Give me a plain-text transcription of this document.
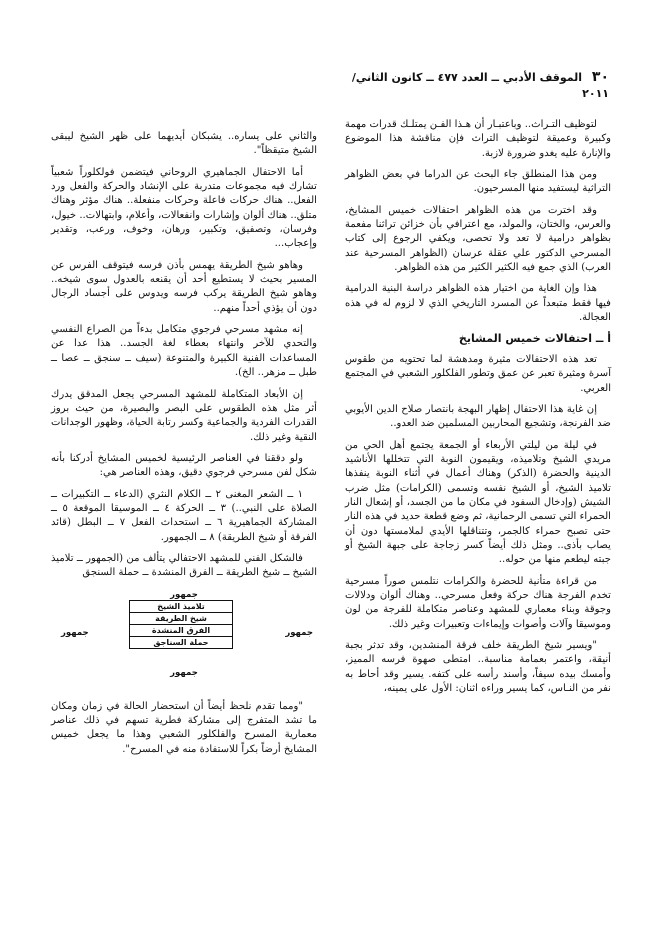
٣٠ الموقف الأدبي ــ العدد ٤٧٧ ــ كانون الثاني/
٢٠١١

لتوظيف التـراث.. وباعتبـار أن هـذا الفـن يمتلـك قدرات مهمة وكبيرة وعميقة لتوظيف التراث فإن مناقشة هذا الموضوع والإنارة عليه يغدو ضرورة لازبة.

ومن هذا المنطلق جاء البحث عن الدراما في بعض الظواهر التراثية ليستفيد منها المسرحيون.

وقد اخترت من هذه الظواهر احتفالات خميس المشايخ، والعرس، والختان، والمولد، مع اعترافي بأن خزائن تراثنا مفعمة بظواهر درامية لا تعد ولا تحصى، ويكفي الرجوع إلى كتاب المسرحي الدكتور علي عقلة عرسان (الظواهر المسرحية عند العرب) الذي جمع فيه الكثير الكثير من هذه الظواهر.

هذا وإن الغاية من اختيار هذه الظواهر دراسة البنية الدرامية فيها فقط متبعداً عن المسرد التاريخي الذي لا لزوم له في هذه العجالة.

أ ــ احتفالات خميس المشايخ

تعد هذه الاحتفالات مثيرة ومدهشة لما تحتويه من طقوس آسرة ومثيرة تعبر عن عمق وتطور الفلكلور الشعبي في المجتمع العربي.

إن غاية هذا الاحتفال إظهار البهجة بانتصار صلاح الدين الأيوبي ضد الفرنجة، وتشجيع المحاربين المسلمين ضد العدو..

في ليلة من ليلتي الأربعاء أو الجمعة يجتمع أهل الحي من مريدي الشيخ وتلاميذه، ويقيمون النوبة التي تتخللها الأناشيد الدينية والحضرة (الذكر) وهناك أعمال في أثناء النوبة ينفذها تلاميذ الشيخ، أو الشيخ نفسه وتسمى (الكرامات) مثل ضرب الشيش (وإدخال السفود في مكان ما من الجسد، أو إشعال النار الحمراء التي تسمى الرحمانية، ثم وضع قطعة حديد في هذه النار حتى تصبح حمراء كالجمر، وتتناقلها الأيدي لملامستها دون أن يصاب بأذى.. ومثل ذلك أيضاً كسر زجاجة على جبهة الشيخ أو جبته ليطعم منها من حوله..

من قراءة متأنية للحضرة والكرامات نتلمس صوراً مسرحية تخدم الفرجة هناك حركة وفعل مسرحي.. وهناك ألوان ودلالات وجوقة وبناء معماري للمشهد وعناصر متكاملة للفرجة من لون وموسيقا وآلات وأصوات وإيماءات وتعبيرات وغير ذلك.

"ويسير شيخ الطريقة خلف فرقة المنشدين، وقد تدثر بجبة أنيقة، واعتمر بعمامة مناسبة.. امتطى صهوة فرسه المميز، وأمسك بيده سيفاً، وأسند رأسه على كتفه. يسير وقد أحاط به نفر من النـاس، كما يسير وراءه اثنان: الأول على يمينه،

والثاني على يساره.. يشبكان أيديهما على ظهر الشيخ ليبقى الشيخ متيقظاً".

أما الاحتفال الجماهيري الروحاني فيتضمن فولكلوراً شعبياً تشارك فيه مجموعات متدربة على الإنشاد والحركة والفعل ورد الفعل.. هناك حركات فاعلة وحركات منفعلة.. هناك مؤثر وهناك متلق.. هناك ألوان وإشارات وانفعالات، وأعلام، وابتهالات.. خيول، وفرسان، وتصفيق، وتكبير، ورهان، وخوف، ورعب، وتقدير وإعجاب...

وهاهو شيخ الطريقة يهمس بأذن فرسه فيتوقف الفرس عن المسير بحيث لا يستطيع أحد أن يقنعه بالعدول سوى شيخه.. وهاهو شيخ الطريقة يركب فرسه ويدوس على أجساد الرجال دون أن يؤذي أحداً منهم..

إنه مشهد مسرحي فرجوي متكامل بدءاً من الصراع النفسي والتحدي للآخر وانتهاء بعطاء لغة الجسد.. هذا عدا عن المساعدات الفنية الكبيرة والمتنوعة (سيف ــ سنجق ــ عصا ــ طبل ــ مزهر.. الخ).

إن الأبعاد المتكاملة للمشهد المسرحي يجعل المدقق يدرك أثر مثل هذه الطقوس على البصر والبصيرة، من حيث بروز القدرات الفردية والجماعية وكسر رتابة الحياة، وظهور الوجدانات النقية وغير ذلك.

ولو دققنا في العناصر الرئيسية لخميس المشايخ أدركنا بأنه شكل لفن مسرحي فرجوي دقيق، وهذه العناصر هي:

١ ــ الشعر المغنى ٢ ــ الكلام النثري (الدعاء ــ التكبيرات ــ الصلاة على النبي..) ٣ ــ الحركة ٤ ــ الموسيقا الموقعة ٥ ــ المشاركة الجماهيرية ٦ ــ استحداث الفعل ٧ ــ البطل (قائد الفرقة أو شيخ الطريقة) ٨ ــ الجمهور.

فالشكل الفني للمشهد الاحتفالي يتألف من (الجمهور ــ تلاميذ الشيخ ــ شيخ الطريقة ــ الفرق المنشدة ــ حملة السنجق

جمهور
جمهور
جمهور
تلاميذ الشيخ
شيخ الطريقة
الفرق المنشدة
حملة السناجق
جمهور

"ومما تقدم نلحظ أيضاً أن استحضار الحالة في زمان ومكان ما تشد المتفرج إلى مشاركة فطرية تسهم في ذلك عناصر معمارية المسرح والفلكلور الشعبي وهذا ما يجعل خميس المشايخ أرضاً بكراً للاستفادة منه في المسرح".
